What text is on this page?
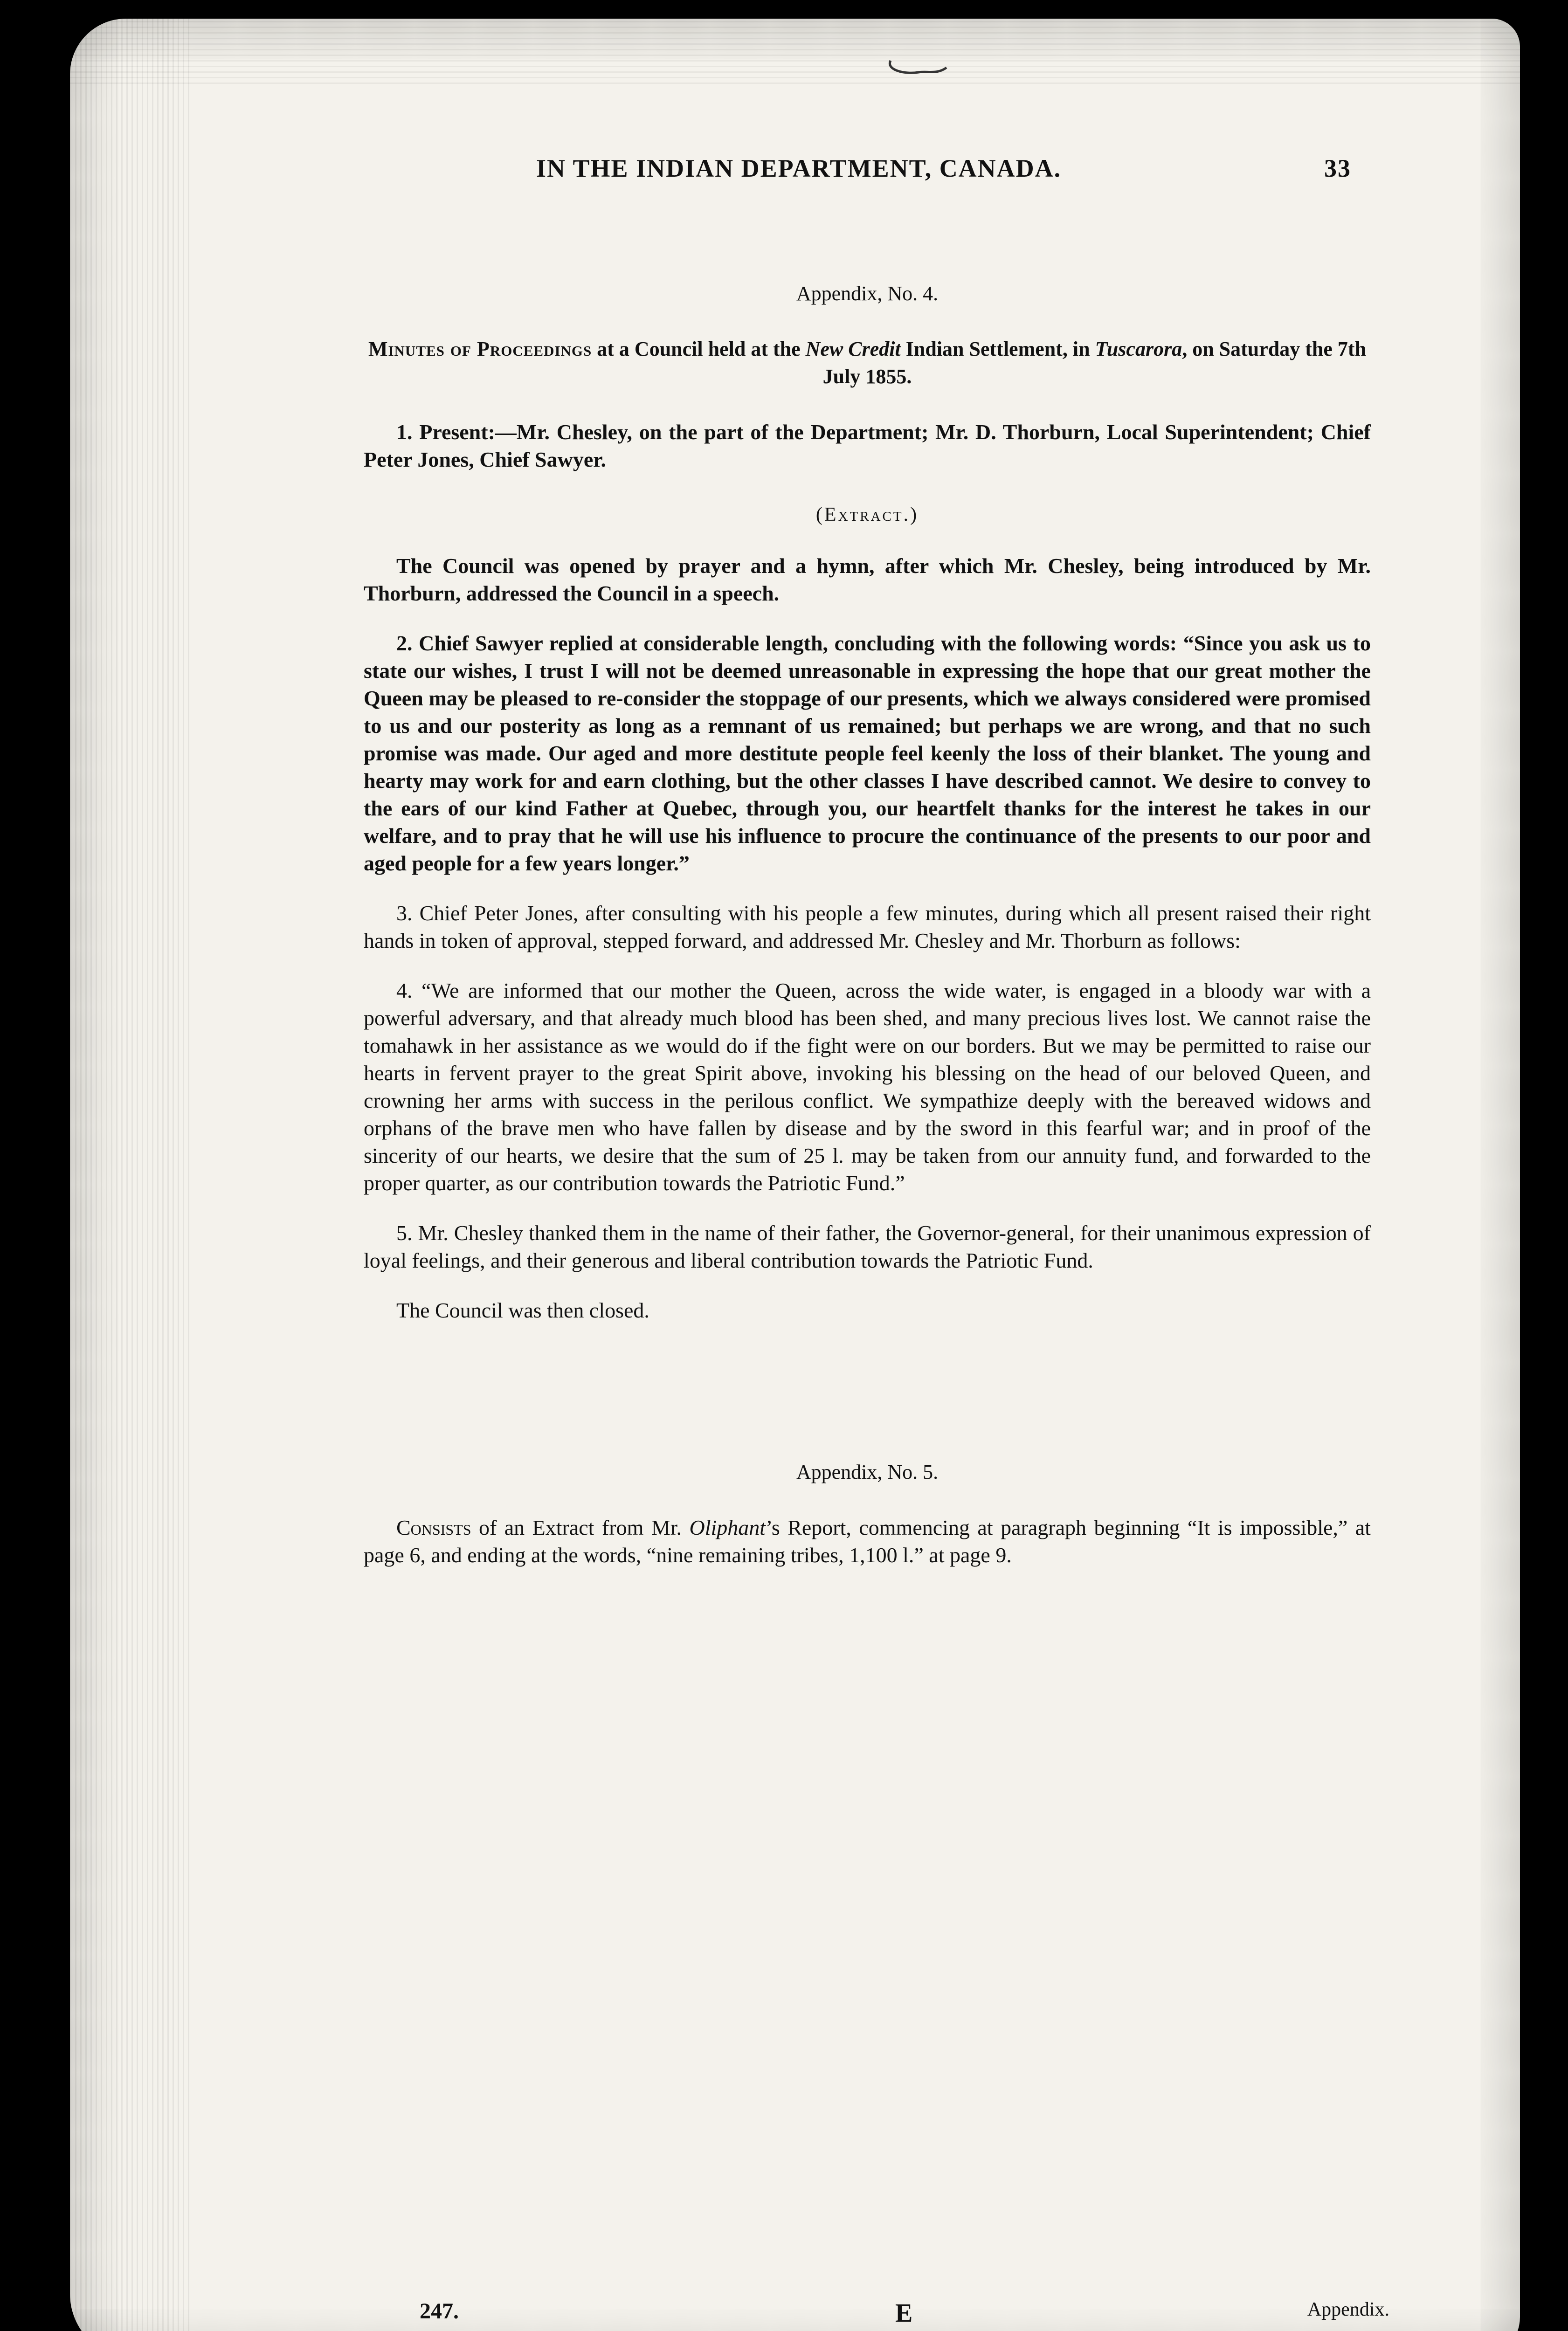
IN THE INDIAN DEPARTMENT, CANADA.	33
Appendix, No. 4.
Minutes of Proceedings at a Council held at the New Credit Indian Settlement, in Tuscarora, on Saturday the 7th July 1855.

1. Present:—Mr. Chesley, on the part of the Department; Mr. D. Thorburn, Local Superintendent; Chief Peter Jones, Chief Sawyer.

(Extract.)

The Council was opened by prayer and a hymn, after which Mr. Chesley, being introduced by Mr. Thorburn, addressed the Council in a speech.

2. Chief Sawyer replied at considerable length, concluding with the following words: “Since you ask us to state our wishes, I trust I will not be deemed unreasonable in expressing the hope that our great mother the Queen may be pleased to re-consider the stoppage of our presents, which we always considered were promised to us and our posterity as long as a remnant of us remained; but perhaps we are wrong, and that no such promise was made. Our aged and more destitute people feel keenly the loss of their blanket. The young and hearty may work for and earn clothing, but the other classes I have described cannot. We desire to convey to the ears of our kind Father at Quebec, through you, our heartfelt thanks for the interest he takes in our welfare, and to pray that he will use his influence to procure the continuance of the presents to our poor and aged people for a few years longer.”

3. Chief Peter Jones, after consulting with his people a few minutes, during which all present raised their right hands in token of approval, stepped forward, and addressed Mr. Chesley and Mr. Thorburn as follows:

4. “We are informed that our mother the Queen, across the wide water, is engaged in a bloody war with a powerful adversary, and that already much blood has been shed, and many precious lives lost. We cannot raise the tomahawk in her assistance as we would do if the fight were on our borders. But we may be permitted to raise our hearts in fervent prayer to the great Spirit above, invoking his blessing on the head of our beloved Queen, and crowning her arms with success in the perilous conflict. We sympathize deeply with the bereaved widows and orphans of the brave men who have fallen by disease and by the sword in this fearful war; and in proof of the sincerity of our hearts, we desire that the sum of 25 l. may be taken from our annuity fund, and forwarded to the proper quarter, as our contribution towards the Patriotic Fund.”

5. Mr. Chesley thanked them in the name of their father, the Governor-general, for their unanimous expression of loyal feelings, and their generous and liberal contribution towards the Patriotic Fund.

The Council was then closed.

Appendix, No. 5.

Consists of an Extract from Mr. Oliphant’s Report, commencing at paragraph beginning “It is impossible,” at page 6, and ending at the words, “nine remaining tribes, 1,100 l.” at page 9.

247.	E	Appendix.
